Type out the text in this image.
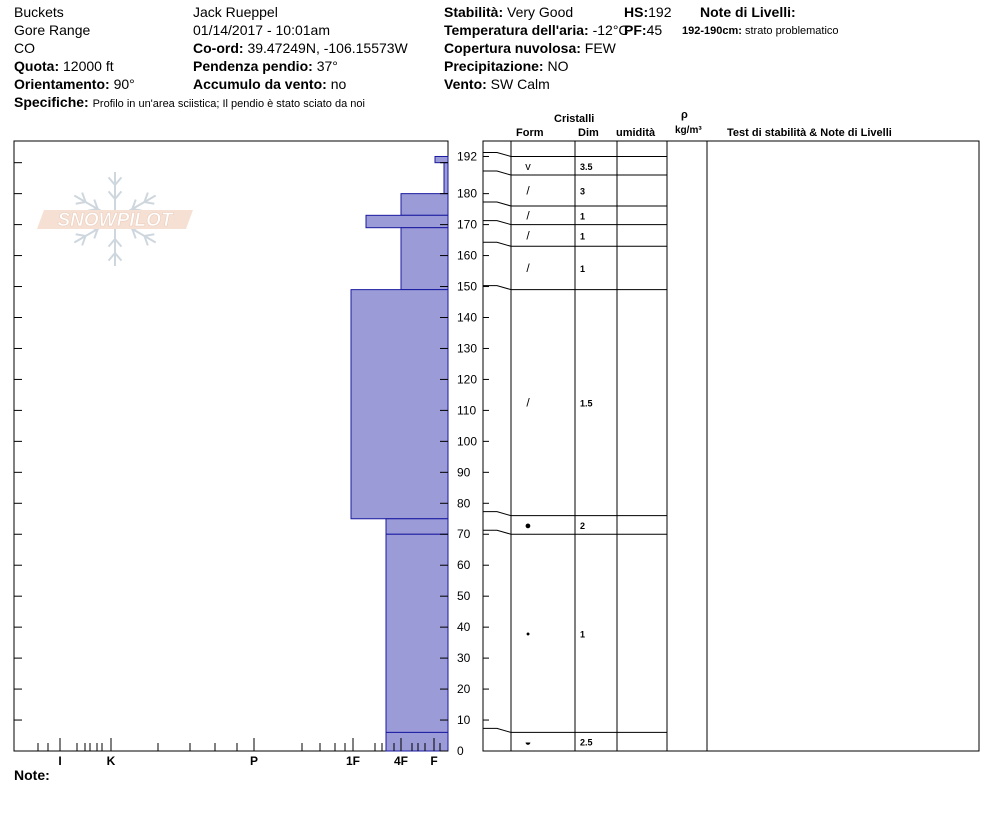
Buckets
Gore Range
CO
Quota: 12000 ft
Orientamento: 90°
Specifiche: Profilo in un'area sciistica; Il pendio è stato sciato da noi
Jack Rueppel
01/14/2017 - 10:01am
Co-ord: 39.47249N, -106.15573W
Pendenza pendio: 37°
Accumulo da vento: no
Stabilità: Very Good
Temperatura dell'aria: -12°C
Copertura nuvolosa: FEW
Precipitazione: NO
Vento: SW Calm
HS:192
PF:45
Note di Livelli:
192-190cm: strato problematico
Cristalli
Form	Dim umidità
ρ
kg/m³ Test di stabilità & Note di Livelli
Note:
SNOWPILOT
I	K	P	1F	4F F
0
10
20
30
40
50
60
70
80
90
100
110
120
130
140
150
160
170
180
192
v	3.5
/	3
/	1
/	1
/	1
/	1.5
●	2
•	1
◒	2.5
